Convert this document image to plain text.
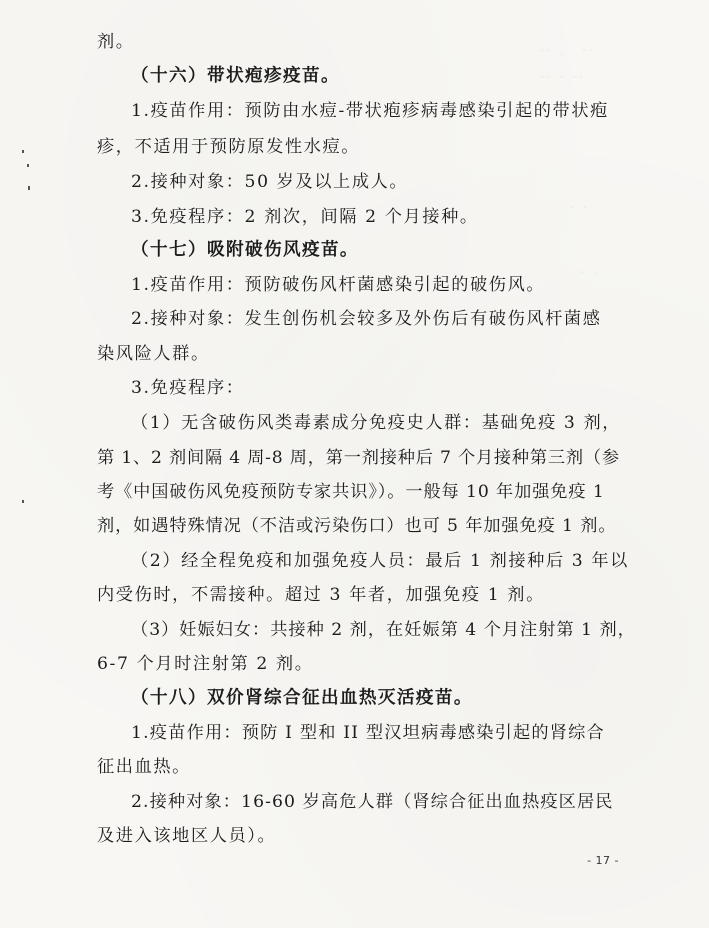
·· 。 ··
·· · ··
· ·
· ·
剂。
（十六）带状疱疹疫苗。
1.疫苗作用：预防由水痘-带状疱疹病毒感染引起的带状疱
疹，不适用于预防原发性水痘。
2.接种对象：50 岁及以上成人。
3.免疫程序：2 剂次，间隔 2 个月接种。
（十七）吸附破伤风疫苗。
1.疫苗作用：预防破伤风杆菌感染引起的破伤风。
2.接种对象：发生创伤机会较多及外伤后有破伤风杆菌感
染风险人群。
3.免疫程序：
（1）无含破伤风类毒素成分免疫史人群：基础免疫 3 剂，
第 1、2 剂间隔 4 周-8 周，第一剂接种后 7 个月接种第三剂（参
考《中国破伤风免疫预防专家共识》）。一般每 10 年加强免疫 1
剂，如遇特殊情况（不洁或污染伤口）也可 5 年加强免疫 1 剂。
（2）经全程免疫和加强免疫人员：最后 1 剂接种后 3 年以
内受伤时，不需接种。超过 3 年者，加强免疫 1 剂。
（3）妊娠妇女：共接种 2 剂，在妊娠第 4 个月注射第 1 剂，
6-7 个月时注射第 2 剂。
（十八）双价肾综合征出血热灭活疫苗。
1.疫苗作用：预防 I 型和 II 型汉坦病毒感染引起的肾综合
征出血热。
2.接种对象：16-60 岁高危人群（肾综合征出血热疫区居民
及进入该地区人员）。
- 17 -
